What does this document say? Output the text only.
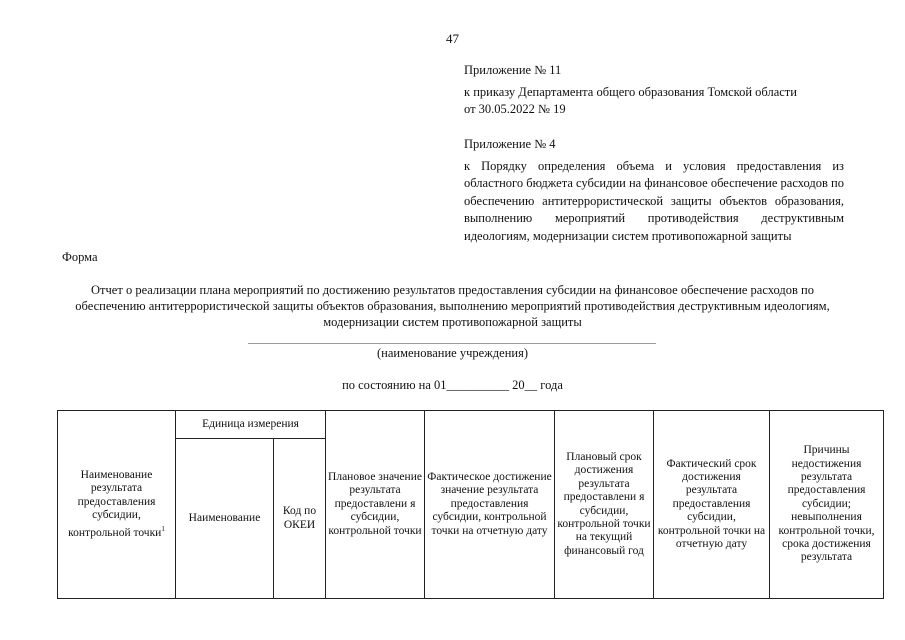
47
Приложение № 11
к приказу Департамента общего образования Томской области
от 30.05.2022 № 19
Приложение № 4
к Порядку определения объема и условия предоставления из областного бюджета субсидии на финансовое обеспечение расходов по обеспечению антитеррористической защиты объектов образования, выполнению мероприятий противодействия деструктивным идеологиям, модернизации систем противопожарной защиты
Форма
Отчет о реализации плана мероприятий по достижению результатов предоставления субсидии на финансовое обеспечение расходов по обеспечению антитеррористической защиты объектов образования, выполнению мероприятий противодействия деструктивным идеологиям, модернизации систем противопожарной защиты
(наименование учреждения)
по состоянию на 01__________ 20__ года
Наименование результата предоставления субсидии, контрольной точки$^1$	Единица измерения		Плановое значение результата предоставлени я субсидии, контрольной точки	Фактическое достижение значение результата предоставления субсидии, контрольной точки на отчетную дату	Плановый срок достижения результата предоставлени я субсидии, контрольной точки на текущий финансовый год	Фактический срок достижения результата предоставления субсидии, контрольной точки на отчетную дату	Причины недостижения результата предоставления субсидии; невыполнения контрольной точки, срока достижения результата
	Наименование	Код по ОКЕИ					
